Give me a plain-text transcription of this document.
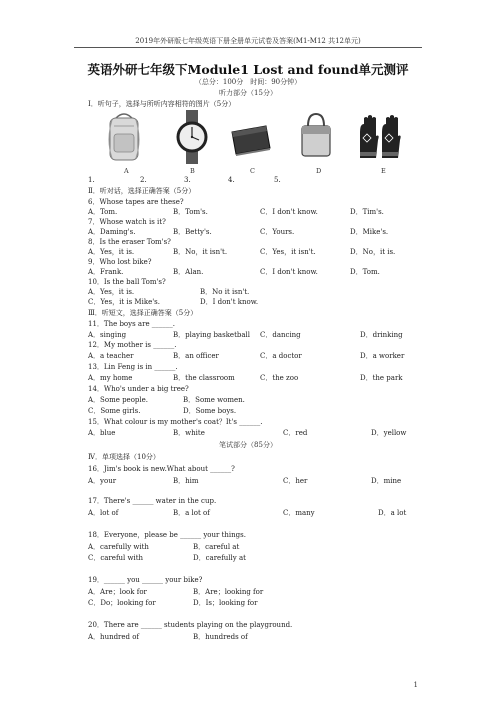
2019年外研版七年级英语下册全册单元试卷及答案(M1-M12 共12单元)
英语外研七年级下Module1 Lost and found单元测评
（总分：100分　时间：90分钟）
听力部分（15分）
Ⅰ．听句子，选择与所听内容相符的图片（5分）
A	B	C	D	E
1.	2.	3.	4.	5.
Ⅱ．听对话，选择正确答案（5分）
6．Whose tapes are these?
A．Tom.	B．Tom's.	C．I don't know.	D．Tim's.
7．Whose watch is it?
A．Daming's.	B．Betty's.	C．Yours.	D．Mike's.
8．Is the eraser Tom's?
A．Yes，it is.	B．No，it isn't.	C．Yes，it isn't.	D．No，it is.
9．Who lost bike?
A．Frank.	B．Alan.	C．I don't know.	D．Tom.
10．Is the ball Tom's?
A．Yes，it is.	B．No it isn't.
C．Yes，it is Mike's.	D．I don't know.
Ⅲ．听短文，选择正确答案（5分）
11．The boys are ______.
A．singing	B．playing basketball C．dancing	D．drinking
12．My mother is ______.
A．a teacher	B．an officer	C．a doctor	D．a worker
13．Lin Feng is in ______.
A．my home	B．the classroom	C．the zoo	D．the park
14．Who's under a big tree?
A．Some people.	B．Some women.
C．Some girls.	D．Some boys.
15．What colour is my mother's coat？It's ______.
A．blue	B．white	C．red	D．yellow
笔试部分（85分）
Ⅳ．单项选择（10分）
16．Jim's book is new.What about ______?
A．your	B．him	C．her	D．mine
17．There's ______ water in the cup.
A．lot of	B．a lot of	C．many	D．a lot
18．Everyone，please be ______ your things.
A．carefully with	B．careful at
C．careful with	D．carefully at
19．______ you ______ your bike?
A．Are；look for	B．Are；looking for
C．Do；looking for	D．Is；looking for
20．There are ______ students playing on the playground.
A．hundred of	B．hundreds of
1
